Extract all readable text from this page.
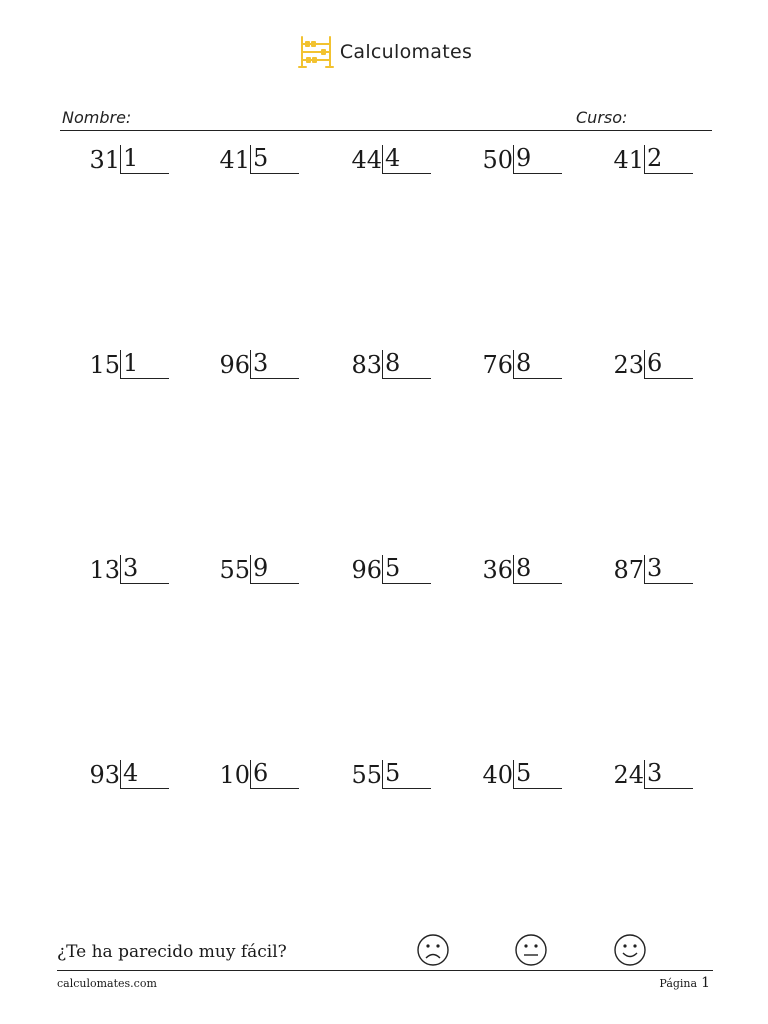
Calculomates
Nombre:	Curso:
31 1	41 5	44 4	50 9	41 2
15 1	96 3	83 8	76 8	23 6
13 3	55 9	96 5	36 8	87 3
93 4	10 6	55 5	40 5	24 3
¿Te ha parecido muy fácil?
calculomates.com	Página 1
